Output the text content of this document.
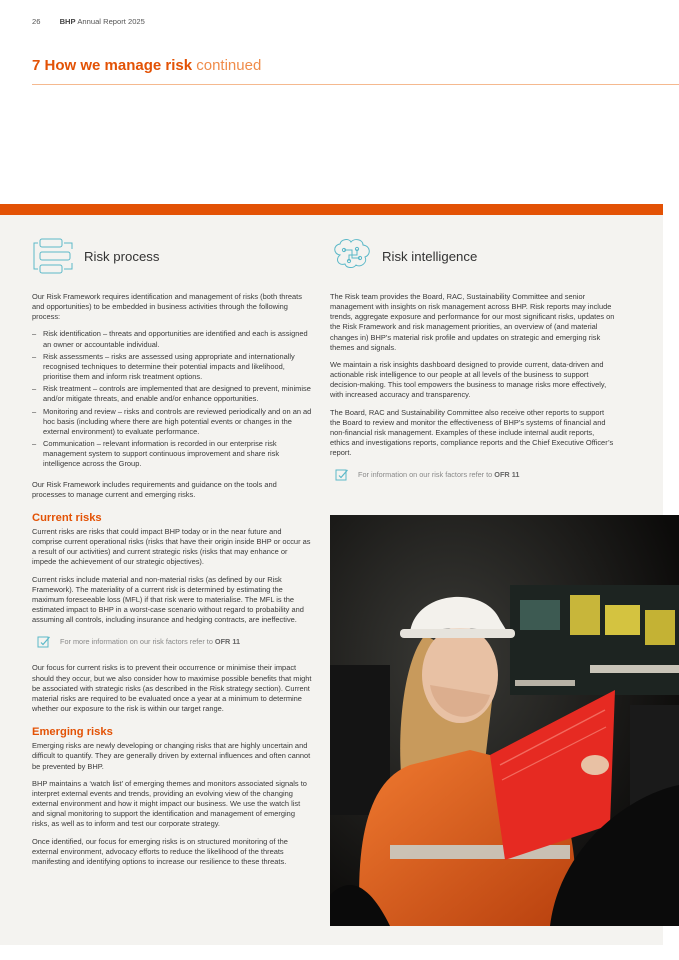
26	BHP Annual Report 2025
7 How we manage risk continued
Risk process	Risk intelligence

Our Risk Framework requires identification and management of risks (both threats and opportunities) to be embedded in business activities through the following process:

– Risk identification – threats and opportunities are identified and each is assigned an owner or accountable individual.
– Risk assessments – risks are assessed using appropriate and internationally recognised techniques to determine their potential impacts and likelihood, prioritise them and inform risk treatment options.
– Risk treatment – controls are implemented that are designed to prevent, minimise and/or mitigate threats, and enable and/or enhance opportunities.
– Monitoring and review – risks and controls are reviewed periodically and on an ad hoc basis (including where there are high potential events or changes in the external environment) to evaluate performance.
– Communication – relevant information is recorded in our enterprise risk management system to support continuous improvement and share risk intelligence across the Group.

Our Risk Framework includes requirements and guidance on the tools and processes to manage current and emerging risks.

Current risks

Current risks are risks that could impact BHP today or in the near future and comprise current operational risks (risks that have their origin inside BHP or occur as a result of our activities) and current strategic risks (risks that may enhance or impede the achievement of our strategic objectives).

Current risks include material and non-material risks (as defined by our Risk Framework). The materiality of a current risk is determined by estimating the maximum foreseeable loss (MFL) if that risk were to materialise. The MFL is the estimated impact to BHP in a worst-case scenario without regard to probability and assuming all controls, including insurance and hedging contracts, are ineffective.

For more information on our risk factors refer to OFR 11

Our focus for current risks is to prevent their occurrence or minimise their impact should they occur, but we also consider how to maximise possible benefits that might be associated with strategic risks (as described in the Risk strategy section). Current material risks are required to be evaluated once a year at a minimum to determine whether our exposure to the risk is within our target range.

Emerging risks

Emerging risks are newly developing or changing risks that are highly uncertain and difficult to quantify. They are generally driven by external influences and often cannot be prevented by BHP.

BHP maintains a ‘watch list’ of emerging themes and monitors associated signals to interpret external events and trends, providing an evolving view of the changing external environment and how it might impact our business. We use the watch list and signal monitoring to support the identification and management of emerging risks, as well as to inform and test our corporate strategy.

Once identified, our focus for emerging risks is on structured monitoring of the external environment, advocacy efforts to reduce the likelihood of the threats manifesting and identifying options to increase our resilience to these threats.

The Risk team provides the Board, RAC, Sustainability Committee and senior management with insights on risk management across BHP. Risk reports may include trends, aggregate exposure and performance for our most significant risks, updates on the Risk Framework and risk management priorities, an overview of (and material changes in) BHP’s material risk profile and updates on strategic and emerging risk themes and signals.

We maintain a risk insights dashboard designed to provide current, data-driven and actionable risk intelligence to our people at all levels of the business to support decision-making. This tool empowers the business to manage risks more effectively, with increased accuracy and transparency.

The Board, RAC and Sustainability Committee also receive other reports to support the Board to review and monitor the effectiveness of BHP’s systems of financial and non-financial risk management. Examples of these include internal audit reports, ethics and investigations reports, compliance reports and the Chief Executive Officer’s report.

For information on our risk factors refer to OFR 11
